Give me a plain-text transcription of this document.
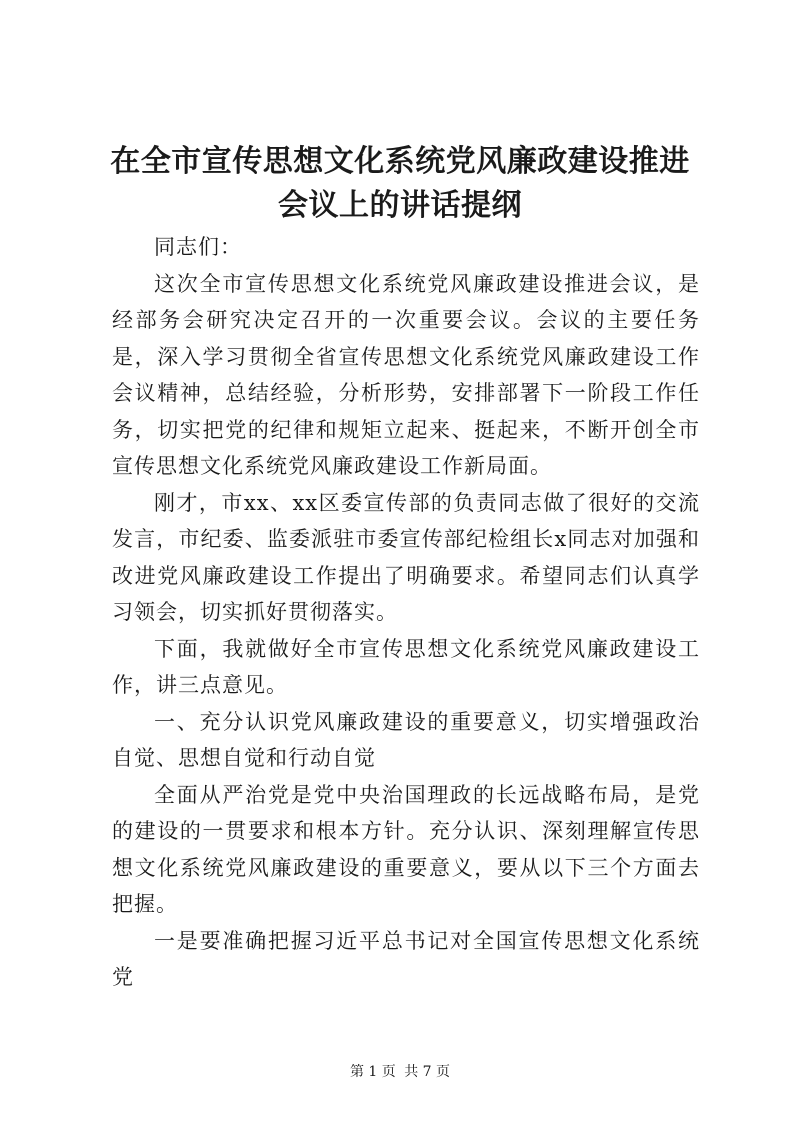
在全市宣传思想文化系统党风廉政建设推进会议上的讲话提纲

同志们：

这次全市宣传思想文化系统党风廉政建设推进会议，是经部务会研究决定召开的一次重要会议。会议的主要任务是，深入学习贯彻全省宣传思想文化系统党风廉政建设工作会议精神，总结经验，分析形势，安排部署下一阶段工作任务，切实把党的纪律和规矩立起来、挺起来，不断开创全市宣传思想文化系统党风廉政建设工作新局面。

刚才，市xx、xx区委宣传部的负责同志做了很好的交流发言，市纪委、监委派驻市委宣传部纪检组长x同志对加强和改进党风廉政建设工作提出了明确要求。希望同志们认真学习领会，切实抓好贯彻落实。

下面，我就做好全市宣传思想文化系统党风廉政建设工作，讲三点意见。

一、充分认识党风廉政建设的重要意义，切实增强政治自觉、思想自觉和行动自觉

全面从严治党是党中央治国理政的长远战略布局，是党的建设的一贯要求和根本方针。充分认识、深刻理解宣传思想文化系统党风廉政建设的重要意义，要从以下三个方面去把握。

一是要准确把握习近平总书记对全国宣传思想文化系统党

第 1 页 共 7 页
